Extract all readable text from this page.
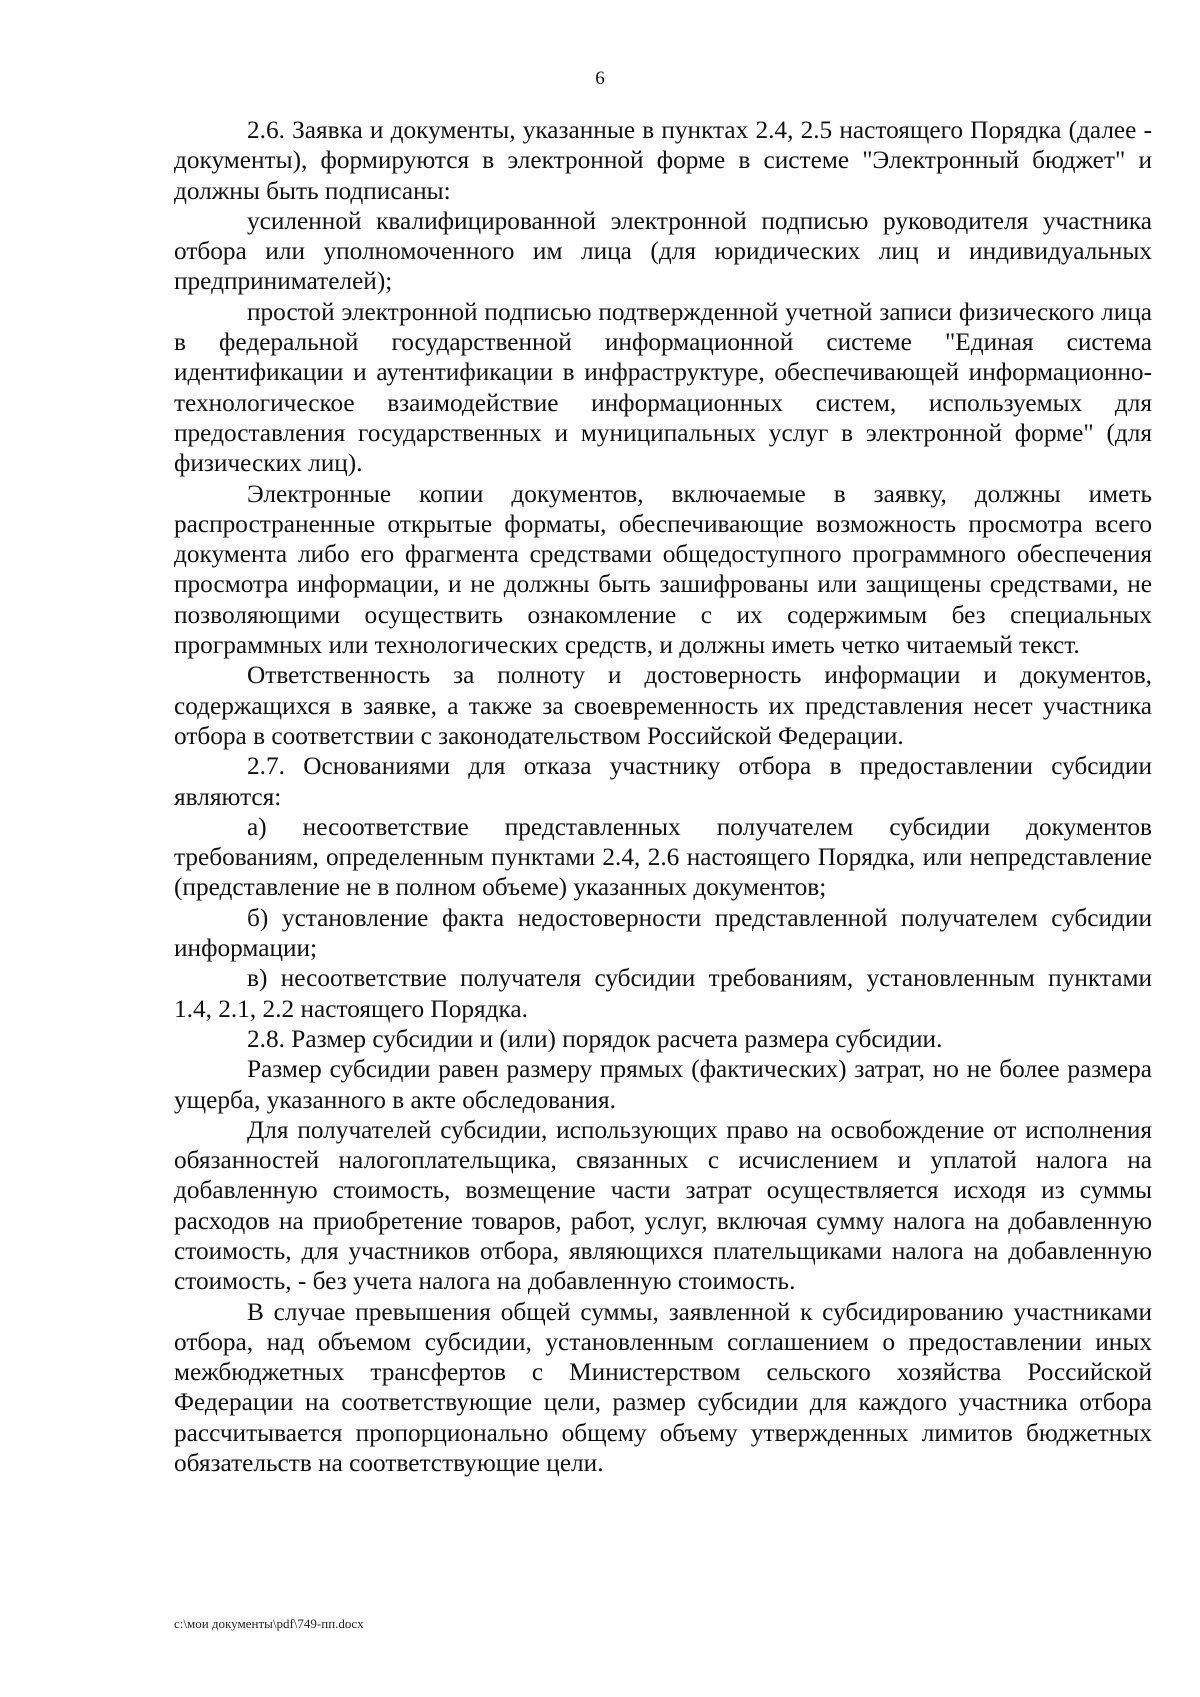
6

2.6. Заявка и документы, указанные в пунктах 2.4, 2.5 настоящего Порядка (далее - документы), формируются в электронной форме в системе "Электронный бюджет" и должны быть подписаны:

усиленной квалифицированной электронной подписью руководителя участника отбора или уполномоченного им лица (для юридических лиц и индивидуальных предпринимателей);

простой электронной подписью подтвержденной учетной записи физического лица в федеральной государственной информационной системе "Единая система идентификации и аутентификации в инфраструктуре, обеспечивающей информационно-технологическое взаимодействие информационных систем, используемых для предоставления государственных и муниципальных услуг в электронной форме" (для физических лиц).

Электронные копии документов, включаемые в заявку, должны иметь распространенные открытые форматы, обеспечивающие возможность просмотра всего документа либо его фрагмента средствами общедоступного программного обеспечения просмотра информации, и не должны быть зашифрованы или защищены средствами, не позволяющими осуществить ознакомление с их содержимым без специальных программных или технологических средств, и должны иметь четко читаемый текст.

Ответственность за полноту и достоверность информации и документов, содержащихся в заявке, а также за своевременность их представления несет участника отбора в соответствии с законодательством Российской Федерации.

2.7. Основаниями для отказа участнику отбора в предоставлении субсидии являются:

а) несоответствие представленных получателем субсидии документов требованиям, определенным пунктами 2.4, 2.6 настоящего Порядка, или непредставление (представление не в полном объеме) указанных документов;

б) установление факта недостоверности представленной получателем субсидии информации;

в) несоответствие получателя субсидии требованиям, установленным пунктами 1.4, 2.1, 2.2 настоящего Порядка.

2.8. Размер субсидии и (или) порядок расчета размера субсидии.

Размер субсидии равен размеру прямых (фактических) затрат, но не более размера ущерба, указанного в акте обследования.

Для получателей субсидии, использующих право на освобождение от исполнения обязанностей налогоплательщика, связанных с исчислением и уплатой налога на добавленную стоимость, возмещение части затрат осуществляется исходя из суммы расходов на приобретение товаров, работ, услуг, включая сумму налога на добавленную стоимость, для участников отбора, являющихся плательщиками налога на добавленную стоимость, - без учета налога на добавленную стоимость.

В случае превышения общей суммы, заявленной к субсидированию участниками отбора, над объемом субсидии, установленным соглашением о предоставлении иных межбюджетных трансфертов с Министерством сельского хозяйства Российской Федерации на соответствующие цели, размер субсидии для каждого участника отбора рассчитывается пропорционально общему объему утвержденных лимитов бюджетных обязательств на соответствующие цели.

c:\мои документы\pdf\749-пп.docx
